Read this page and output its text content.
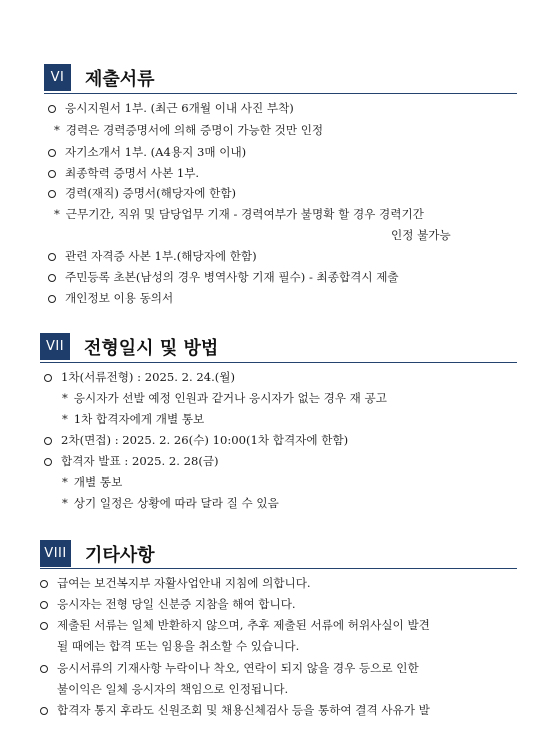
VI	제출서류
응시지원서 1부. (최근 6개월 이내 사진 부착)
* 경력은 경력증명서에 의해 증명이 가능한 것만 인정
자기소개서 1부. (A4용지 3매 이내)
최종학력 증명서 사본 1부.
경력(재직) 증명서(해당자에 한함)
* 근무기간, 직위 및 담당업무 기재 - 경력여부가 불명확 할 경우 경력기간
인정 불가능
관련 자격증 사본 1부.(해당자에 한함)
주민등록 초본(남성의 경우 병역사항 기재 필수) - 최종합격시 제출
개인정보 이용 동의서
VII	전형일시 및 방법
1차(서류전형) : 2025. 2. 24.(월)
* 응시자가 선발 예정 인원과 같거나 응시자가 없는 경우 재 공고
* 1차 합격자에게 개별 통보
2차(면접) : 2025. 2. 26(수) 10:00(1차 합격자에 한함)
합격자 발표 : 2025. 2. 28(금)
* 개별 통보
* 상기 일정은 상황에 따라 달라 질 수 있음
VIII 기타사항
급여는 보건복지부 자활사업안내 지침에 의합니다.
응시자는 전형 당일 신분증 지참을 해여 합니다.
제출된 서류는 일체 반환하지 않으며, 추후 제출된 서류에 허위사실이 발견
될 때에는 합격 또는 임용을 취소할 수 있습니다.
응시서류의 기재사항 누락이나 착오, 연락이 되지 않을 경우 등으로 인한
불이익은 일체 응시자의 책임으로 인정됩니다.
합격자 통지 후라도 신원조회 및 채용신체검사 등을 통하여 결격 사유가 발
